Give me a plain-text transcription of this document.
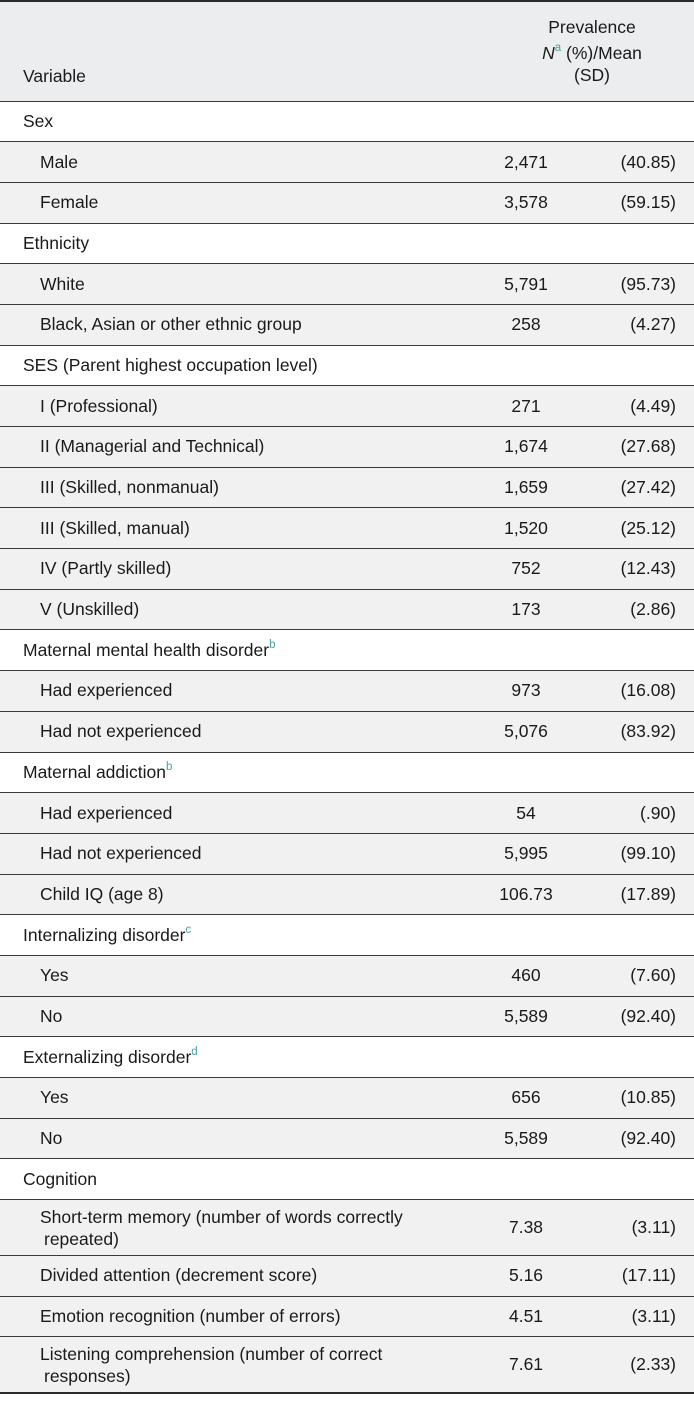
Variable	Prevalence
N$^a$ (%)/Mean
(SD)	

Sex		
Male	2,471	(40.85)
Female	3,578	(59.15)
Ethnicity		
White	5,791	(95.73)
Black, Asian or other ethnic group	258	(4.27)
SES (Parent highest occupation level)		
I (Professional)	271	(4.49)
II (Managerial and Technical)	1,674	(27.68)
III (Skilled, nonmanual)	1,659	(27.42)
III (Skilled, manual)	1,520	(25.12)
IV (Partly skilled)	752	(12.43)
V (Unskilled)	173	(2.86)
Maternal mental health disorder$^b$		
Had experienced	973	(16.08)
Had not experienced	5,076	(83.92)
Maternal addiction$^b$		
Had experienced	54	(.90)
Had not experienced	5,995	(99.10)
Child IQ (age 8)	106.73	(17.89)
Internalizing disorder$^c$		
Yes	460	(7.60)
No	5,589	(92.40)
Externalizing disorder$^d$		
Yes	656	(10.85)
No	5,589	(92.40)
Cognition		
Short-term memory (number of words correctly
repeated)	7.38	(3.11)
Divided attention (decrement score)	5.16	(17.11)
Emotion recognition (number of errors)	4.51	(3.11)
Listening comprehension (number of correct
responses)	7.61	(2.33)
